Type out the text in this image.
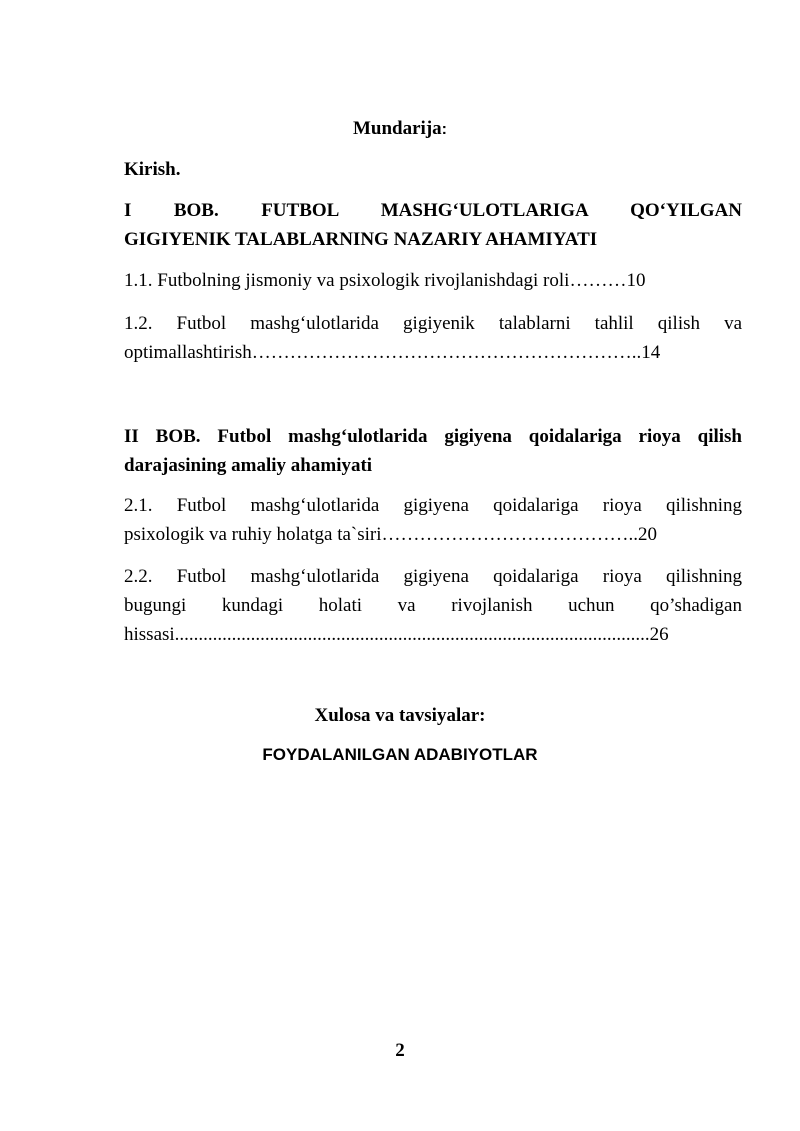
Mundarija:
Kirish.
I BOB. FUTBOL MASHG‘ULOTLARIGA QO‘YILGAN
GIGIYENIK TALABLARNING NAZARIY AHAMIYATI
1.1. Futbolning jismoniy va psixologik rivojlanishdagi roli………10
1.2. Futbol mashg‘ulotlarida gigiyenik talablarni tahlil qilish va
optimallashtirish……………………………………………………..14
II BOB. Futbol mashg‘ulotlarida gigiyena qoidalariga rioya qilish
darajasining amaliy ahamiyati
2.1. Futbol mashg‘ulotlarida gigiyena qoidalariga rioya qilishning
psixologik va ruhiy holatga ta`siri…………………………………..20
2.2. Futbol mashg‘ulotlarida gigiyena qoidalariga rioya qilishning
bugungi kundagi holati va rivojlanish uchun qo’shadigan
hissasi....................................................................................................26
Xulosa va tavsiyalar:
FOYDALANILGAN ADABIYOTLAR
2
